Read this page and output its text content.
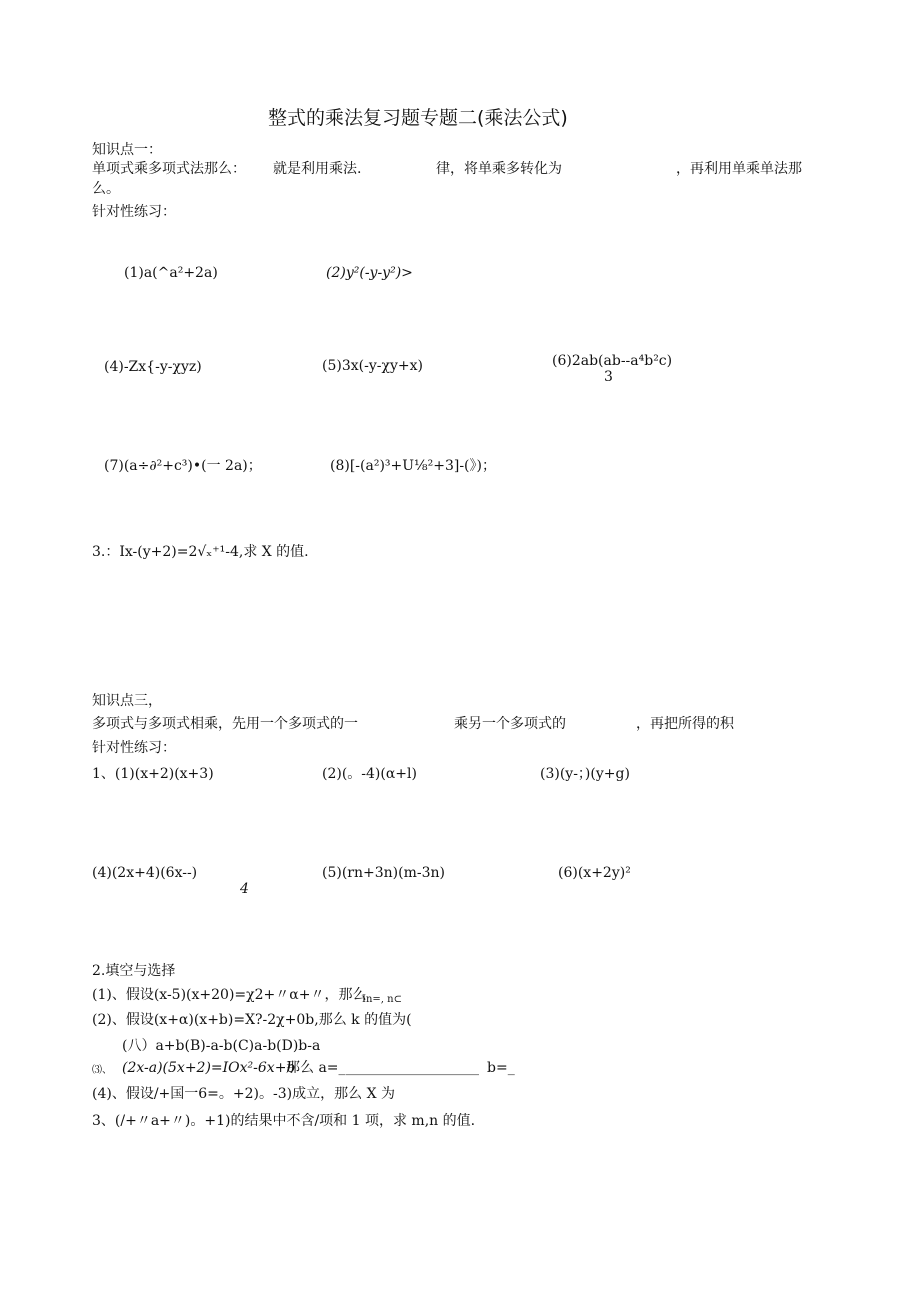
整式的乘法复习题专题二(乘法公式)
知识点一：
单项式乘多项式法那么： 就是利用乘法.	律，将单乘多转化为	，再利用单乘单法那
么。
针对性练习：
(1)a(^a²+2a)	(2)y²(-y-y²)>
(4)-Zx{-y-χyz)	(5)3x(-y-χy+x)	(6)2ab(ab--a⁴b²c)
3
(7)(a÷∂²+c³)•(一 2a)；	(8)[-(a²)³+U⅛²+3]-(》)；
3.：Ix-(y+2)=2√ₓ⁺¹-4,求 X 的值.
知识点三，
多项式与多项式相乘，先用一个多项式的一	乘另一个多项式的	，再把所得的积
针对性练习：
1、(1)(x+2)(x+3)	(2)(。-4)(α+l)	(3)(y-；)(y+g)
(4)(2x+4)(6x--)
4
(5)(rn+3n)(m-3n)	(6)(x+2y)²
2.填空与选择
(1)、假设(x-5)(x+20)=χ2+〃α+〃，那么
In=, n⊂
(2)、假设(x+α)(x+b)=X?-2χ+0b,那么 k 的值为(
(八）a+b(B)-a-b(C)a-b(D)b-a
⑶、 (2x-a)(5x+2)=IOx²-6x+b
那么 a=_ ___________________ b=_
(4)、假设/+国一6=。+2)。-3)成立，那么 X 为
3、(/+〃a+〃)。+1)的结果中不含/项和 1 项，求 m,n 的值.
